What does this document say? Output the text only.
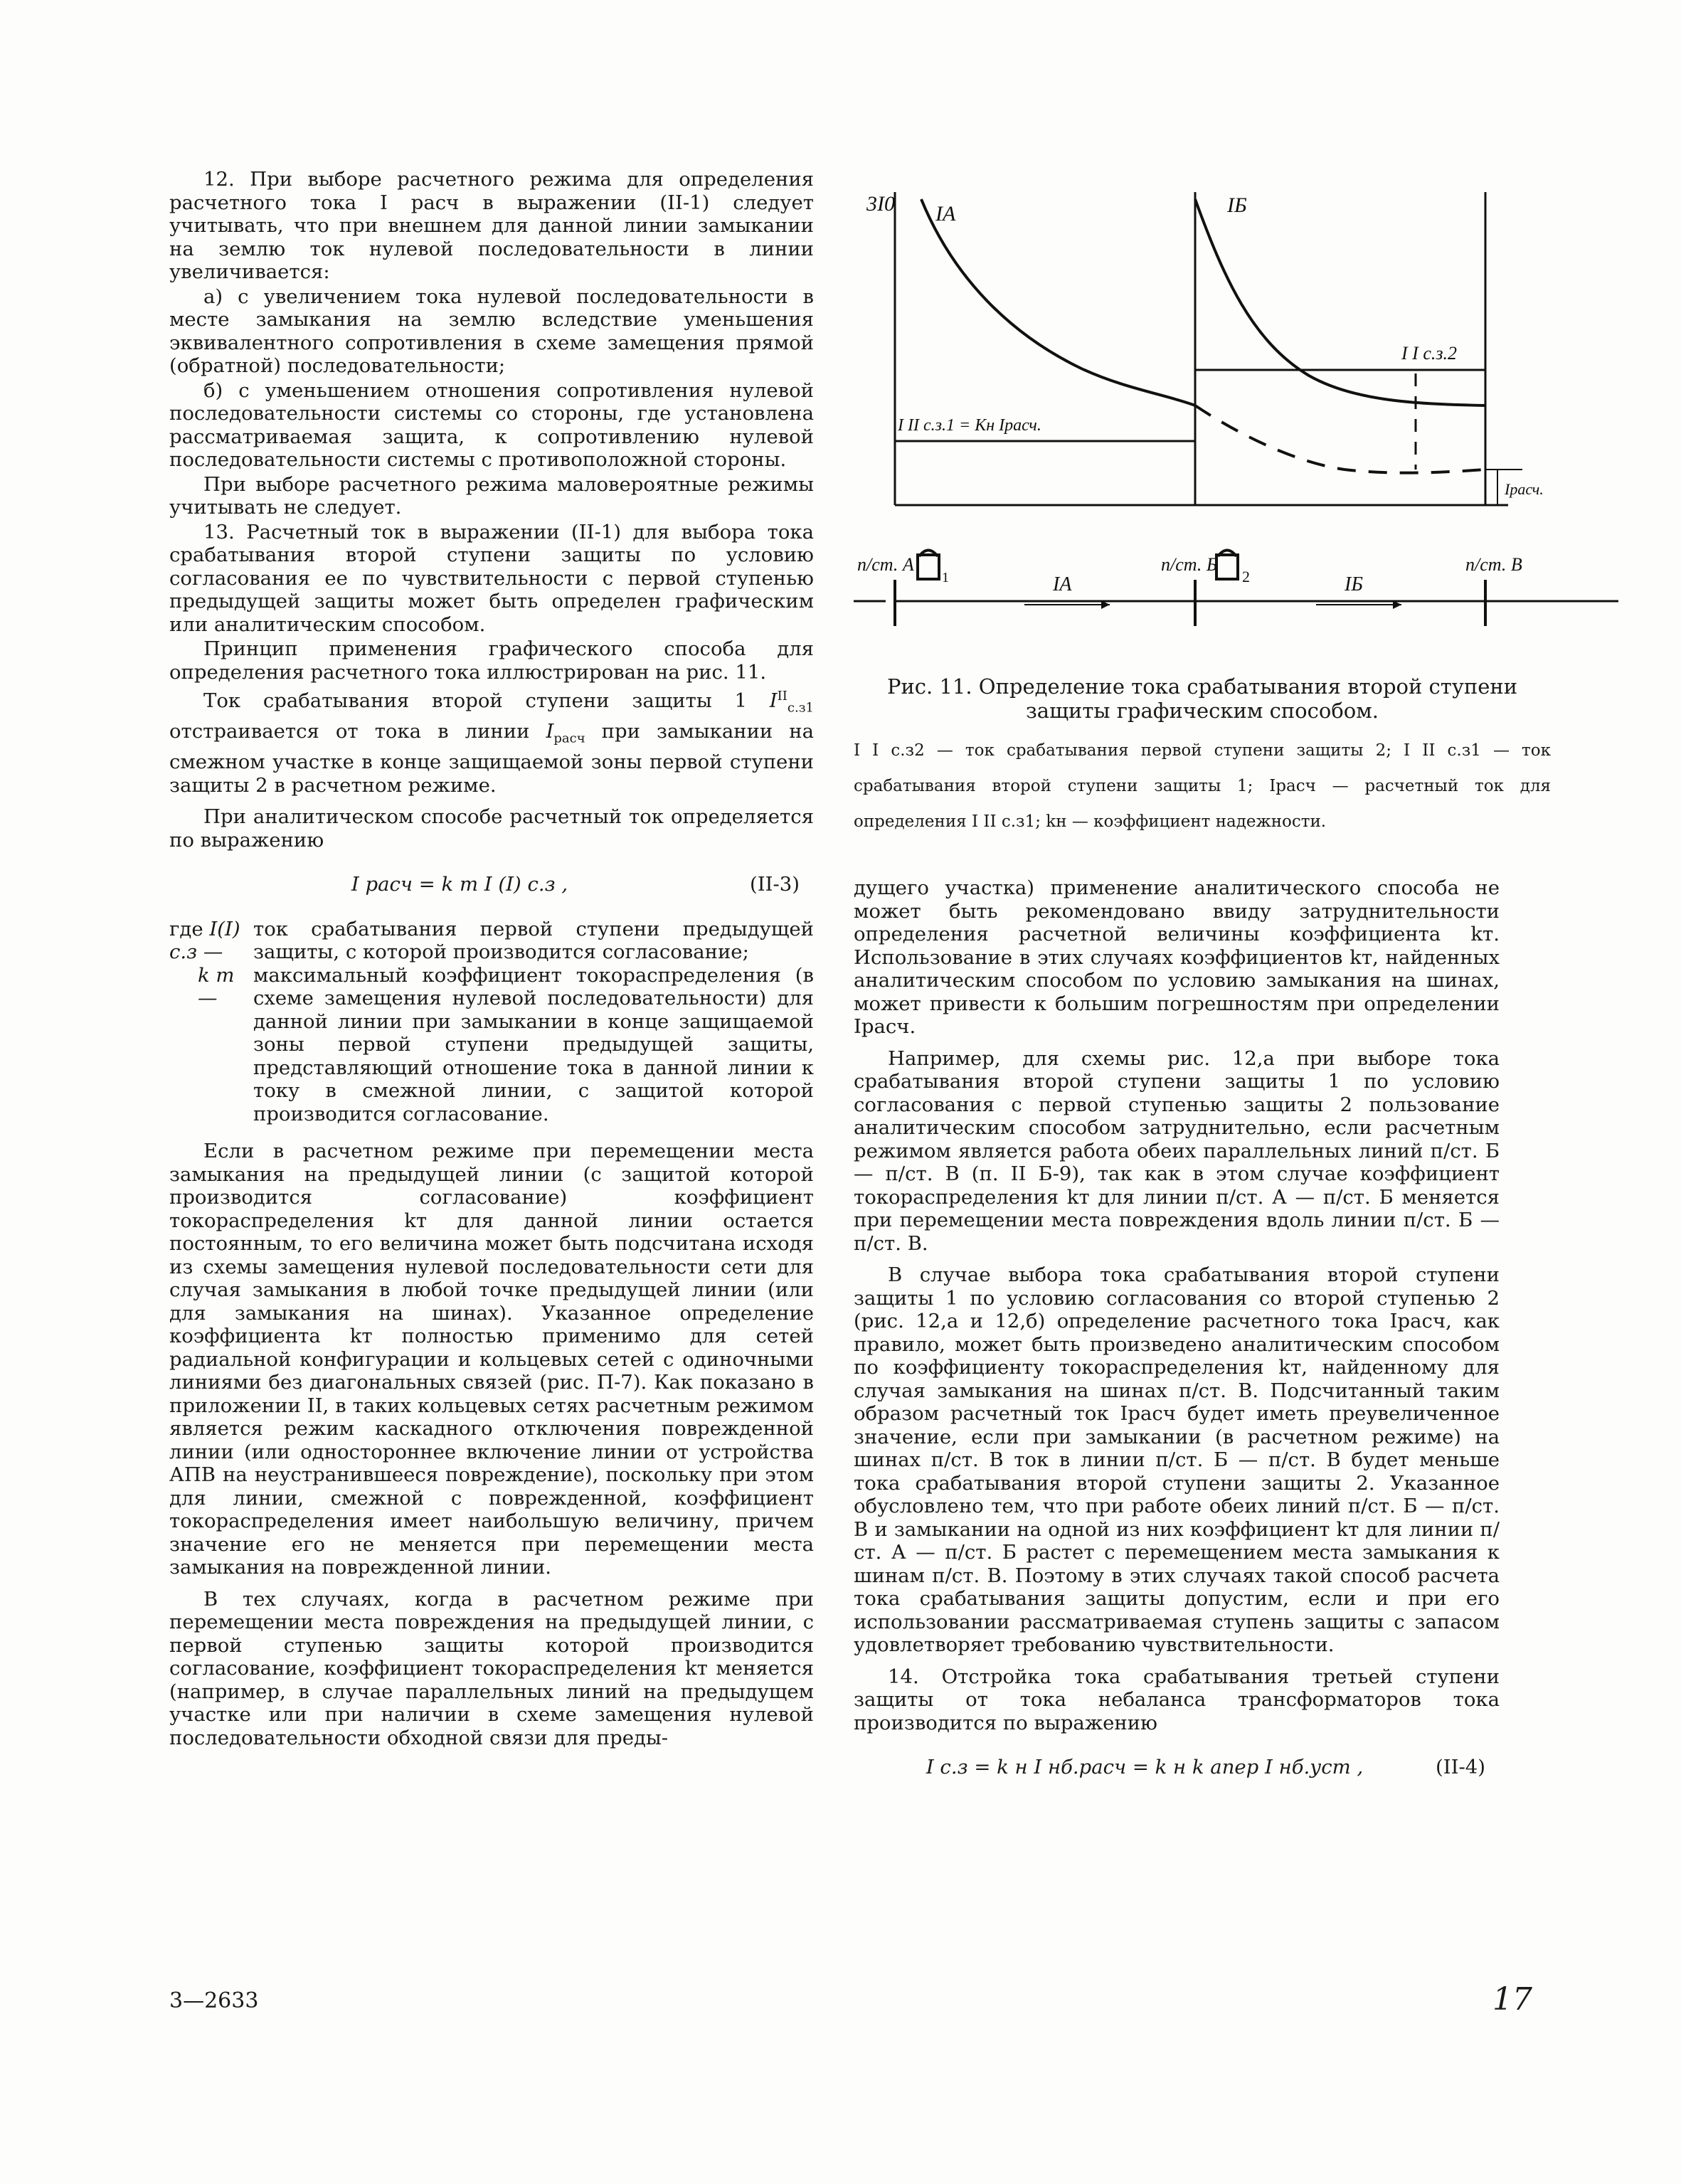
12. При выборе расчетного режима для определения расчетного тока I расч в выражении (II-1) следует учитывать, что при внешнем для данной линии замыкании на землю ток нулевой последовательности в линии увеличивается:

а) с увеличением тока нулевой последовательности в месте замыкания на землю вследствие уменьшения эквивалентного сопротивления в схеме замещения прямой (обратной) последовательности;

б) с уменьшением отношения сопротивления нулевой последовательности системы со стороны, где установлена рассматриваемая защита, к сопротивлению нулевой последовательности системы с противоположной стороны.

При выборе расчетного режима маловероятные режимы учитывать не следует.

13. Расчетный ток в выражении (II-1) для выбора тока срабатывания второй ступени защиты по условию согласования ее по чувствительности с первой ступенью предыдущей защиты может быть определен графическим или аналитическим способом.

Принцип применения графического способа для определения расчетного тока иллюстрирован на рис. 11.

Ток срабатывания второй ступени защиты 1 $I^{II}_{с.з1}$ отстраивается от тока в линии $I_{расч}$ при замыкании на смежном участке в конце защищаемой зоны первой ступени защиты 2 в расчетном режиме.

При аналитическом способе расчетный ток определяется по выражению

I расч = k т I (I) с.з ,	(II-3)
где I(I) с.з —
ток срабатывания первой ступени предыдущей защиты, с которой производится согласование;
k т —
максимальный коэффициент токораспределения (в схеме замещения нулевой последовательности) для данной линии при замыкании в конце защищаемой зоны первой ступени предыдущей защиты, представляющий отношение тока в данной линии к току в смежной линии, с защитой которой производится согласование.

Если в расчетном режиме при перемещении места замыкания на предыдущей линии (с защитой которой производится согласование) коэффициент токораспределения kт для данной линии остается постоянным, то его величина может быть подсчитана исходя из схемы замещения нулевой последовательности сети для случая замыкания в любой точке предыдущей линии (или для замыкания на шинах). Указанное определение коэффициента kт полностью применимо для сетей радиальной конфигурации и кольцевых сетей с одиночными линиями без диагональных связей (рис. П-7). Как показано в приложении II, в таких кольцевых сетях расчетным режимом является режим каскадного отключения поврежденной линии (или одностороннее включение линии от устройства АПВ на неустранившееся повреждение), поскольку при этом для линии, смежной с поврежденной, коэффициент токораспределения имеет наибольшую величину, причем значение его не меняется при перемещении места замыкания на поврежденной линии.

В тех случаях, когда в расчетном режиме при перемещении места повреждения на предыдущей линии, с первой ступенью защиты которой производится согласование, коэффициент токораспределения kт меняется (например, в случае параллельных линий на предыдущем участке или при наличии в схеме замещения нулевой последовательности обходной связи для преды-

3I0 IА	IБ
I I с.з.2
I II с.з.1 = Kн Iрасч.
Iрасч.
п/ст. А	п/ст. Б	п/ст. В
1	2
IА	IБ
Рис. 11. Определение тока срабатывания второй ступени защиты графическим способом.
I I с.з2 — ток срабатывания первой ступени защиты 2; I II с.з1 — ток срабатывания второй ступени защиты 1; Iрасч — расчетный ток для определения I II с.з1; kн — коэффициент надежности.

дущего участка) применение аналитического способа не может быть рекомендовано ввиду затруднительности определения расчетной величины коэффициента kт. Использование в этих случаях коэффициентов kт, найденных аналитическим способом по условию замыкания на шинах, может привести к большим погрешностям при определении Iрасч.

Например, для схемы рис. 12,а при выборе тока срабатывания второй ступени защиты 1 по условию согласования с первой ступенью защиты 2 пользование аналитическим способом затруднительно, если расчетным режимом является работа обеих параллельных линий п/ст. Б — п/ст. В (п. II Б-9), так как в этом случае коэффициент токораспределения kт для линии п/ст. А — п/ст. Б меняется при перемещении места повреждения вдоль линии п/ст. Б — п/ст. В.

В случае выбора тока срабатывания второй ступени защиты 1 по условию согласования со второй ступенью 2 (рис. 12,а и 12,б) определение расчетного тока Iрасч, как правило, может быть произведено аналитическим способом по коэффициенту токораспределения kт, найденному для случая замыкания на шинах п/ст. В. Подсчитанный таким образом расчетный ток Iрасч будет иметь преувеличенное значение, если при замыкании (в расчетном режиме) на шинах п/ст. В ток в линии п/ст. Б — п/ст. В будет меньше тока срабатывания второй ступени защиты 2. Указанное обусловлено тем, что при работе обеих линий п/ст. Б — п/ст. В и замыкании на одной из них коэффициент kт для линии п/ст. А — п/ст. Б растет с перемещением места замыкания к шинам п/ст. В. Поэтому в этих случаях такой способ расчета тока срабатывания защиты допустим, если и при его использовании рассматриваемая ступень защиты с запасом удовлетворяет требованию чувствительности.

14. Отстройка тока срабатывания третьей ступени защиты от тока небаланса трансформаторов тока производится по выражению

I с.з = k н I нб.расч = k н k апер I нб.уст ,	(II-4)
3—2633	17
